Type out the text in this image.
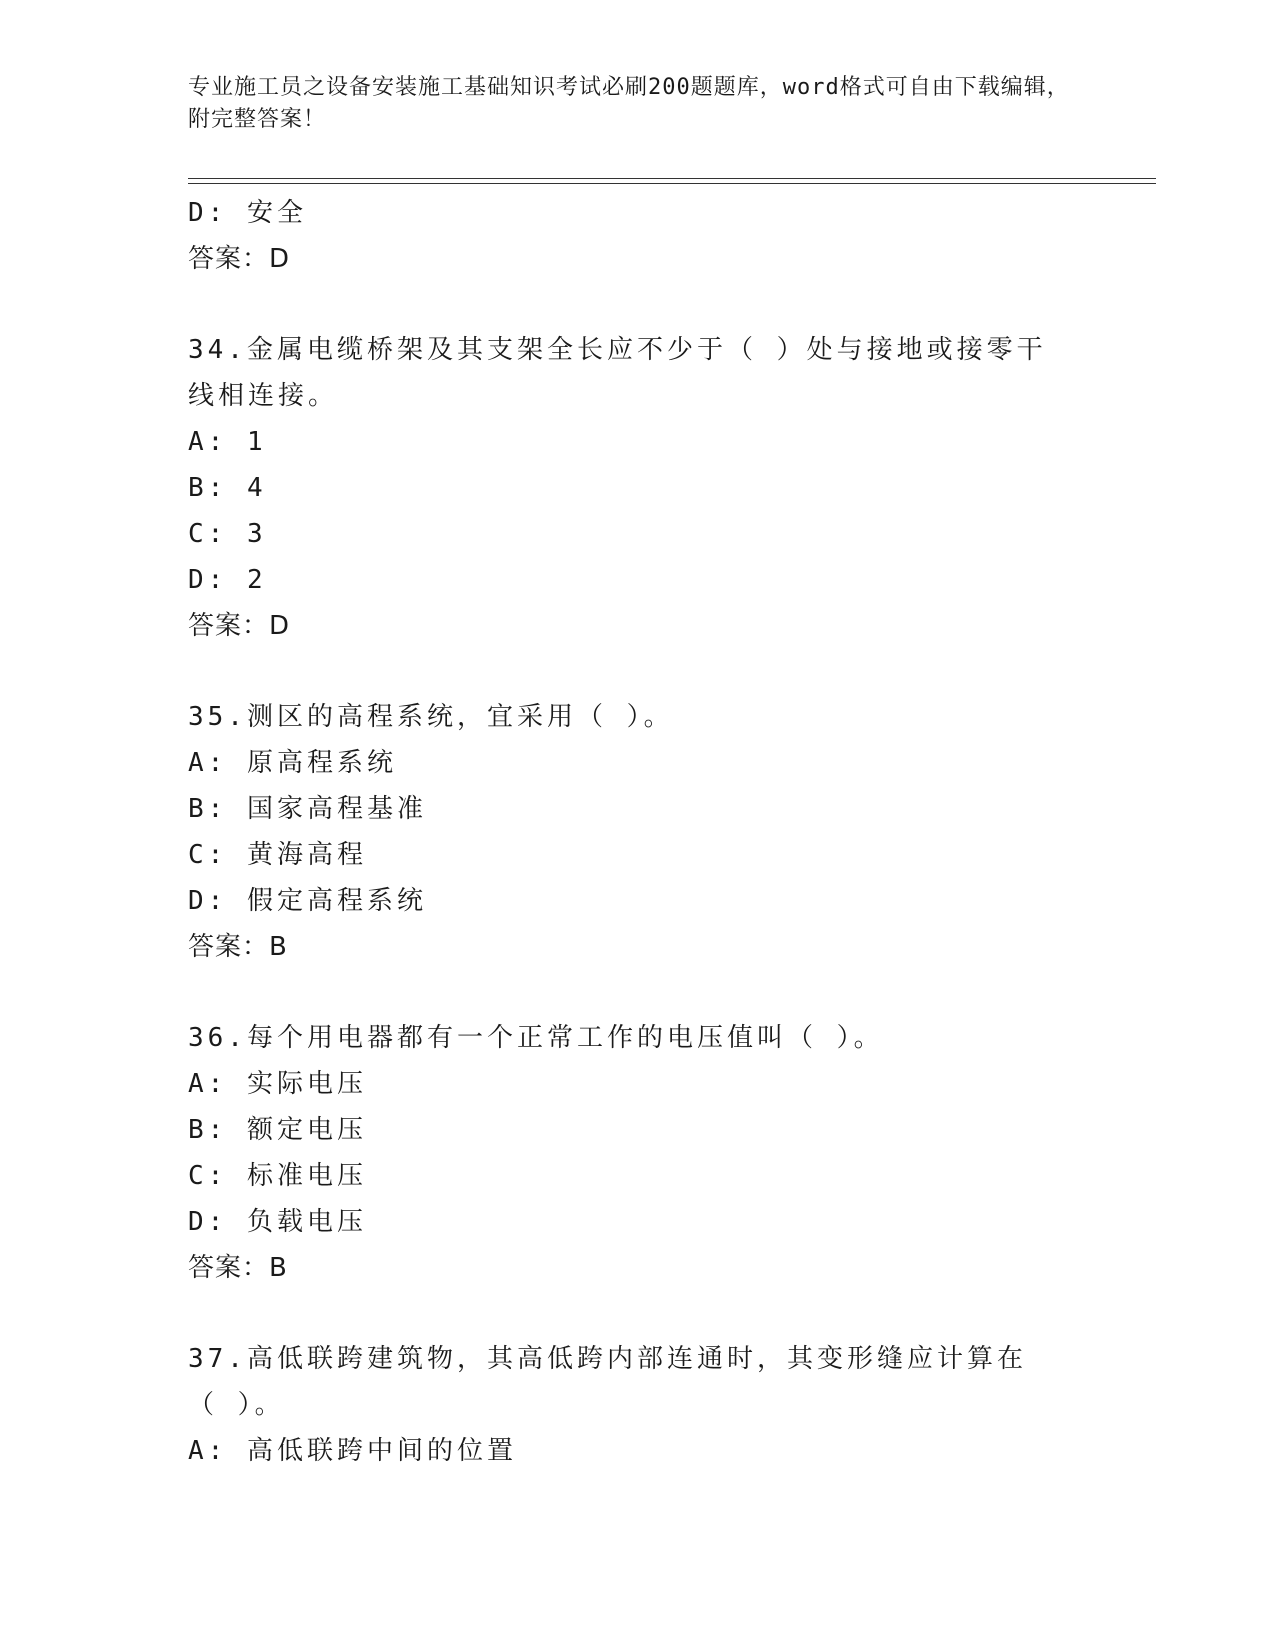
专业施工员之设备安装施工基础知识考试必刷200题题库，word格式可自由下载编辑，附完整答案！
D: 安全
答案：D
34.金属电缆桥架及其支架全长应不少于（ ）处与接地或接零干线相连接。
A: 1
B: 4
C: 3
D: 2
答案：D
35.测区的高程系统，宜采用（ ）。
A: 原高程系统
B: 国家高程基准
C: 黄海高程
D: 假定高程系统
答案：B
36.每个用电器都有一个正常工作的电压值叫（ ）。
A: 实际电压
B: 额定电压
C: 标准电压
D: 负载电压
答案：B
37.高低联跨建筑物，其高低跨内部连通时，其变形缝应计算在（ ）。
A: 高低联跨中间的位置
